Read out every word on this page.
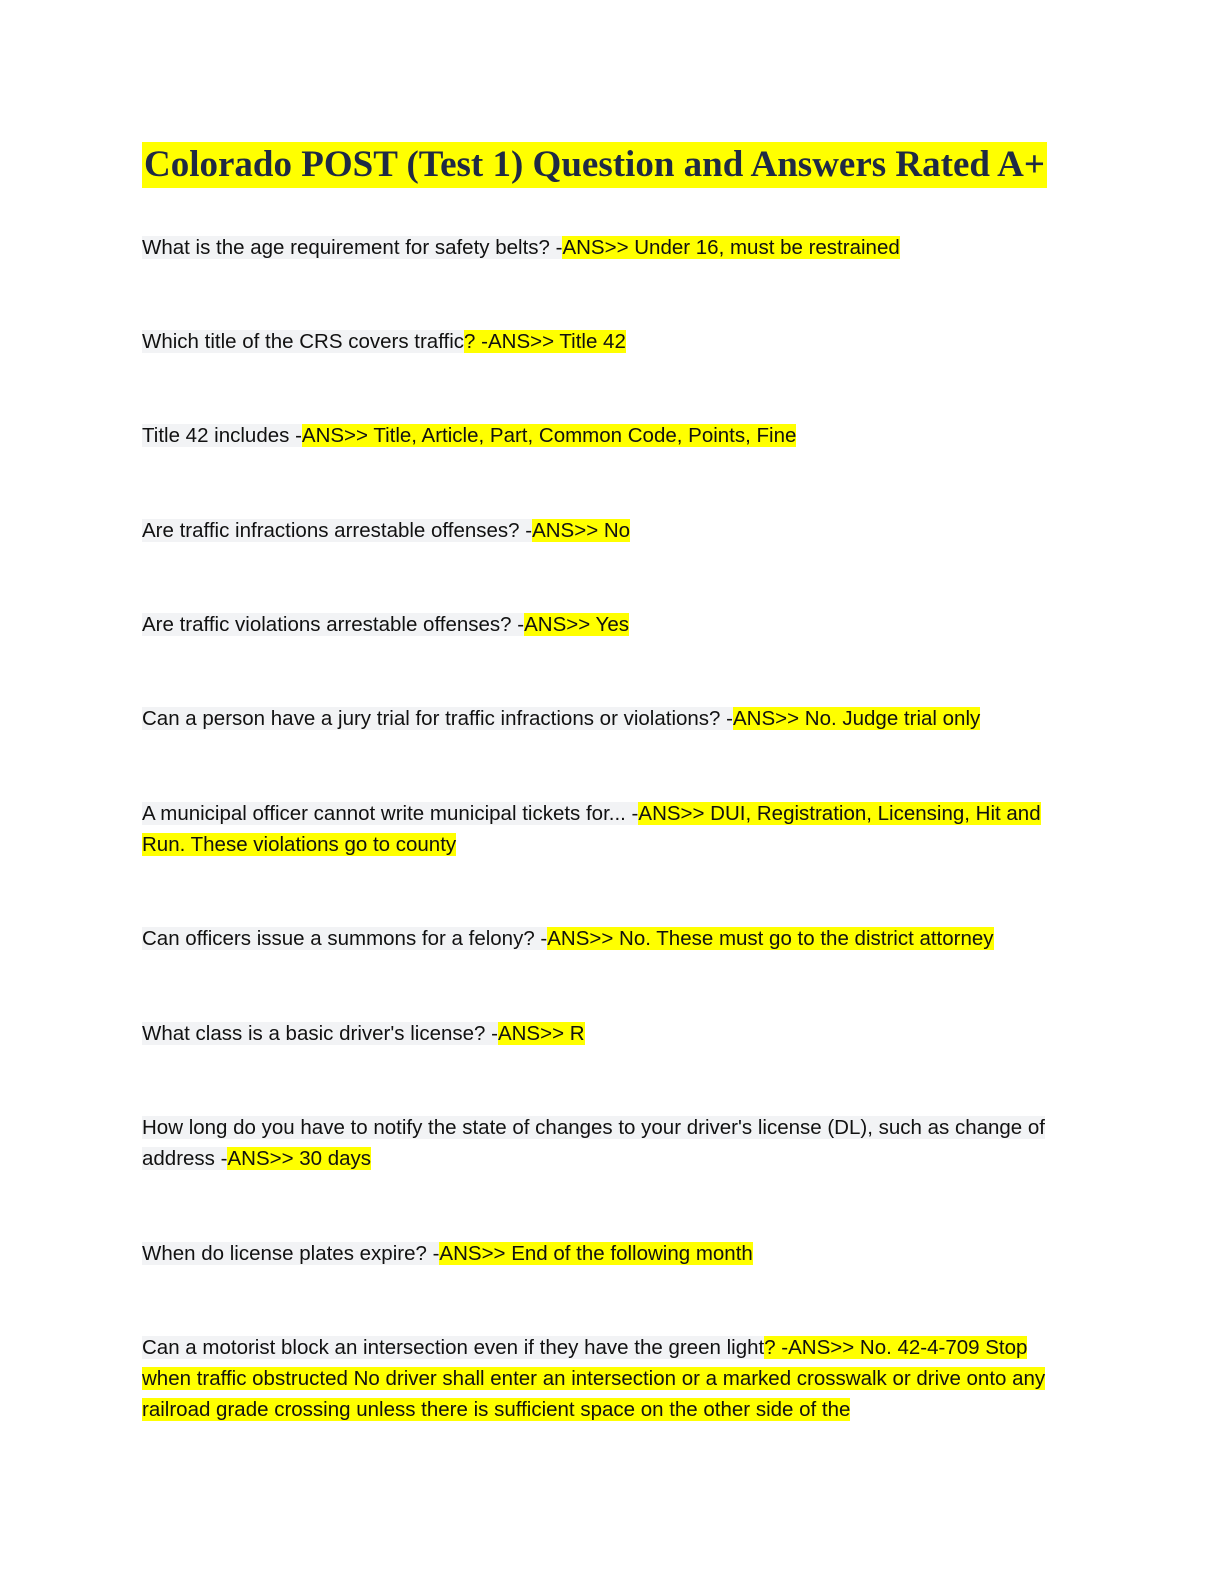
Colorado POST (Test 1) Question and Answers Rated A+

What is the age requirement for safety belts? -ANS>> Under 16, must be restrained

Which title of the CRS covers traffic? -ANS>> Title 42

Title 42 includes -ANS>> Title, Article, Part, Common Code, Points, Fine

Are traffic infractions arrestable offenses? -ANS>> No

Are traffic violations arrestable offenses? -ANS>> Yes

Can a person have a jury trial for traffic infractions or violations? -ANS>> No. Judge trial only

A municipal officer cannot write municipal tickets for... -ANS>> DUI, Registration, Licensing, Hit and Run. These violations go to county

Can officers issue a summons for a felony? -ANS>> No. These must go to the district attorney

What class is a basic driver's license? -ANS>> R

How long do you have to notify the state of changes to your driver's license (DL), such as change of address -ANS>> 30 days

When do license plates expire? -ANS>> End of the following month

Can a motorist block an intersection even if they have the green light? -ANS>> No. 42-4-709 Stop when traffic obstructed No driver shall enter an intersection or a marked crosswalk or drive onto any railroad grade crossing unless there is sufficient space on the other side of the
